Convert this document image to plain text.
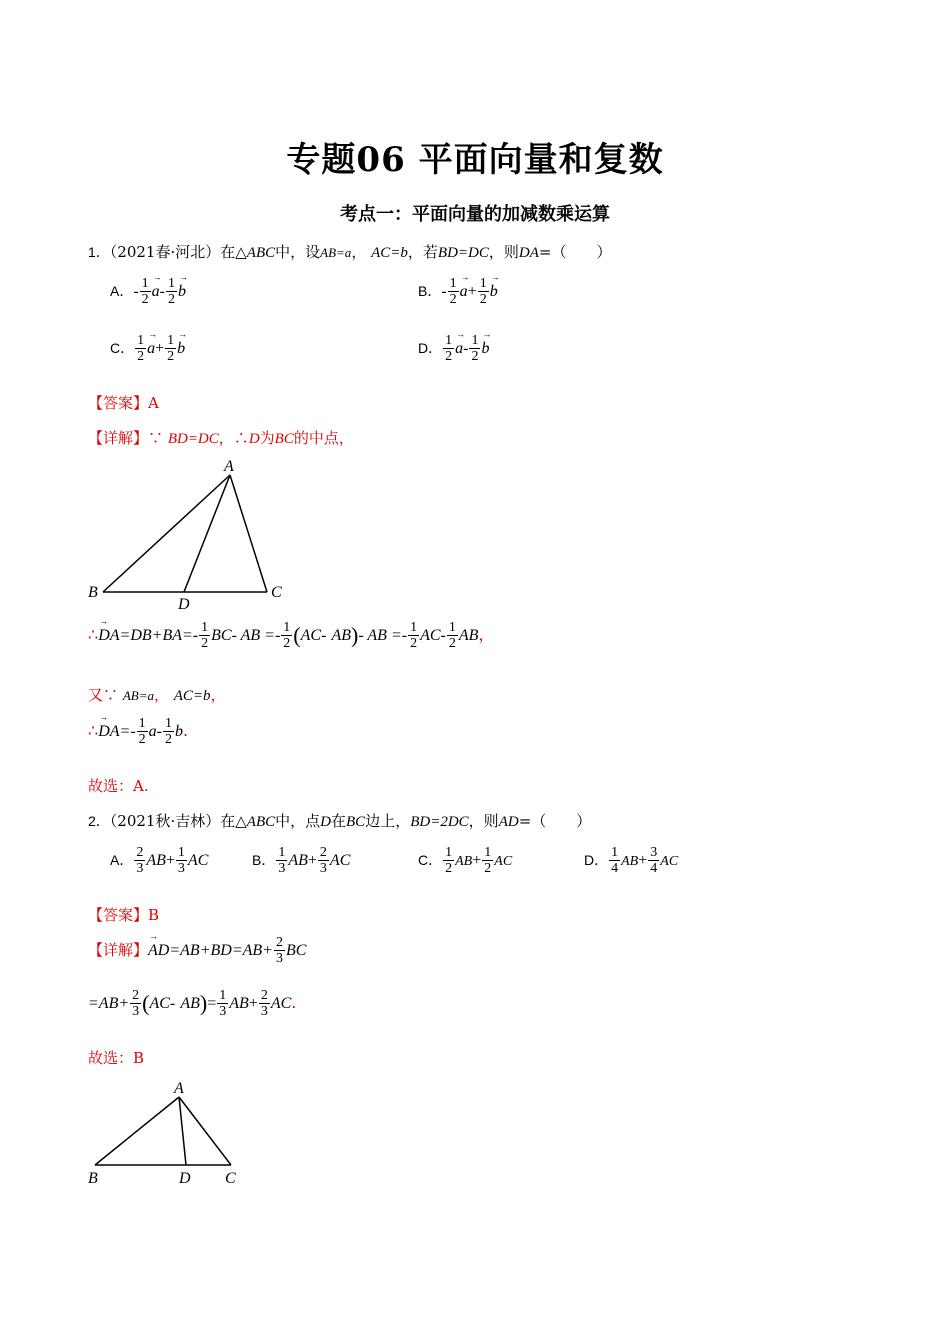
专题06 平面向量和复数
考点一：平面向量的加减数乘运算
1．（2021春·河北）在△ABC中，设AB=a， AC=b，若BD=DC，则DA=（　　）
A．- $\frac{1}{2}$
→ $a- \frac{1}{2}$
→ b	B．- $\frac{1}{2}$
→ $a+ \frac{1}{2}$
→ b
C． $\frac{1}{2}$
→ $a+ \frac{1}{2}$
→ b	D． $\frac{1}{2}$
→ $a- \frac{1}{2}$
→ b
【答案】A
【详解】∵ BD=DC，∴D为BC的中点，
A
B	C
D
∴→ $DA=DB+BA=- \frac{1}{2} BC-$ AB =- $\frac{1}{2} (AC-$ AB)- AB =- $\frac{1}{2} AC- \frac{1}{2}$ AB，
又∵ AB=a， AC=b，
∴→ $DA=- \frac{1}{2} a- \frac{1}{2} b$.
故选：A.
2．（2021秋·吉林）在△ABC中，点D在BC边上，BD=2DC，则AD=（　　）
A． $\frac{2}{3} AB+ \frac{1}{3}$ AC	B． $\frac{1}{3} AB+ \frac{2}{3}$ AC	C． $\frac{1}{2} AB+ \frac{1}{2}$ AC	D． $\frac{1}{4} AB+ \frac{3}{4}$ AC
【答案】B
【详解】→ $AD=AB+BD=AB+ \frac{2}{3}$ BC
$=AB+ \frac{2}{3} (AC-$ $AB)= \frac{1}{3} AB+ \frac{2}{3}$ AC.
故选：B
A
B	C
D
